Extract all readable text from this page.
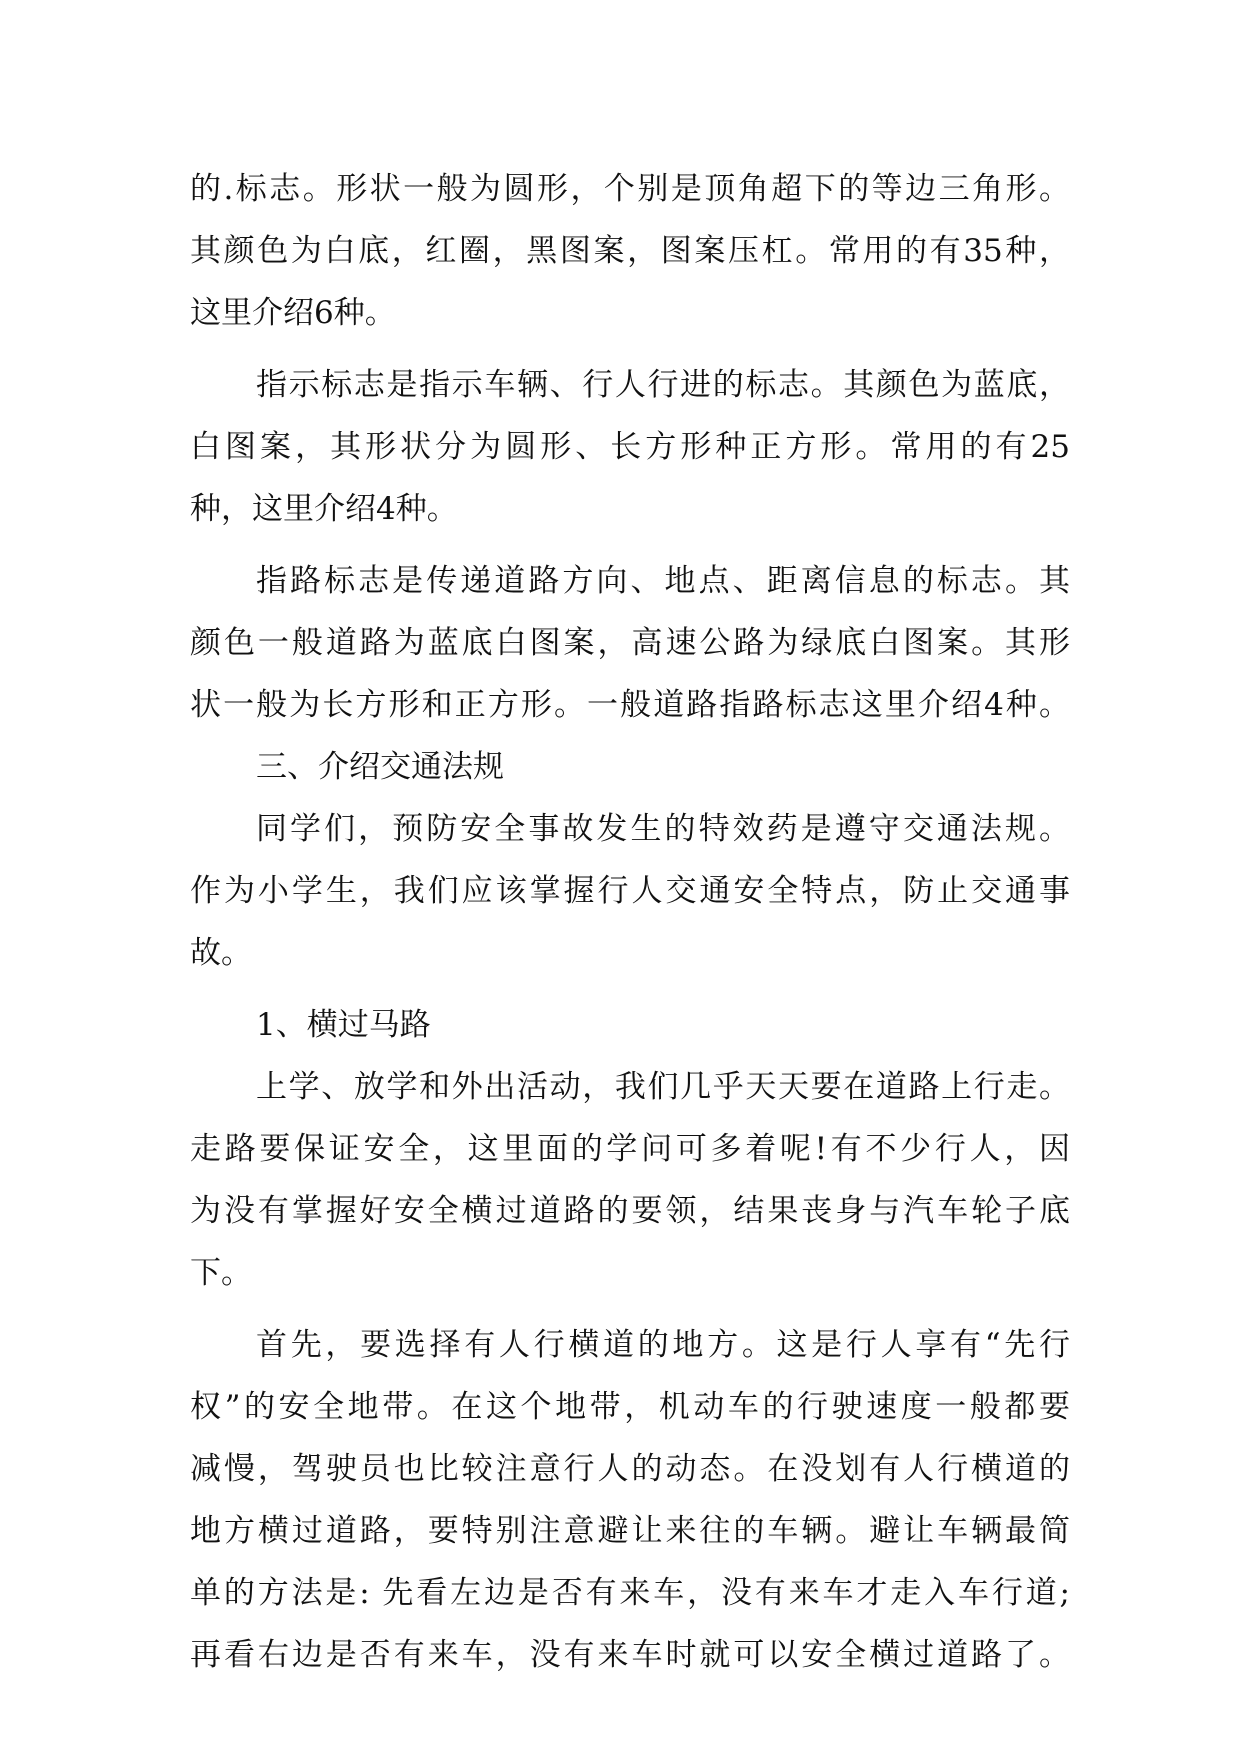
的.标志。形状一般为圆形，个别是顶角超下的等边三角形。

其颜色为白底，红圈，黑图案，图案压杠。常用的有35种，

这里介绍6种。

指示标志是指示车辆、行人行进的标志。其颜色为蓝底，

白图案，其形状分为圆形、长方形种正方形。常用的有25

种，这里介绍4种。

指路标志是传递道路方向、地点、距离信息的标志。其

颜色一般道路为蓝底白图案，高速公路为绿底白图案。其形

状一般为长方形和正方形。一般道路指路标志这里介绍4种。

三、介绍交通法规

同学们，预防安全事故发生的特效药是遵守交通法规。

作为小学生，我们应该掌握行人交通安全特点，防止交通事

故。

1、横过马路

上学、放学和外出活动，我们几乎天天要在道路上行走。

走路要保证安全，这里面的学问可多着呢!有不少行人，因

为没有掌握好安全横过道路的要领，结果丧身与汽车轮子底

下。

首先，要选择有人行横道的地方。这是行人享有“先行

权”的安全地带。在这个地带，机动车的行驶速度一般都要

减慢，驾驶员也比较注意行人的动态。在没划有人行横道的

地方横过道路，要特别注意避让来往的车辆。避让车辆最简

单的方法是: 先看左边是否有来车，没有来车才走入车行道;

再看右边是否有来车，没有来车时就可以安全横过道路了。
